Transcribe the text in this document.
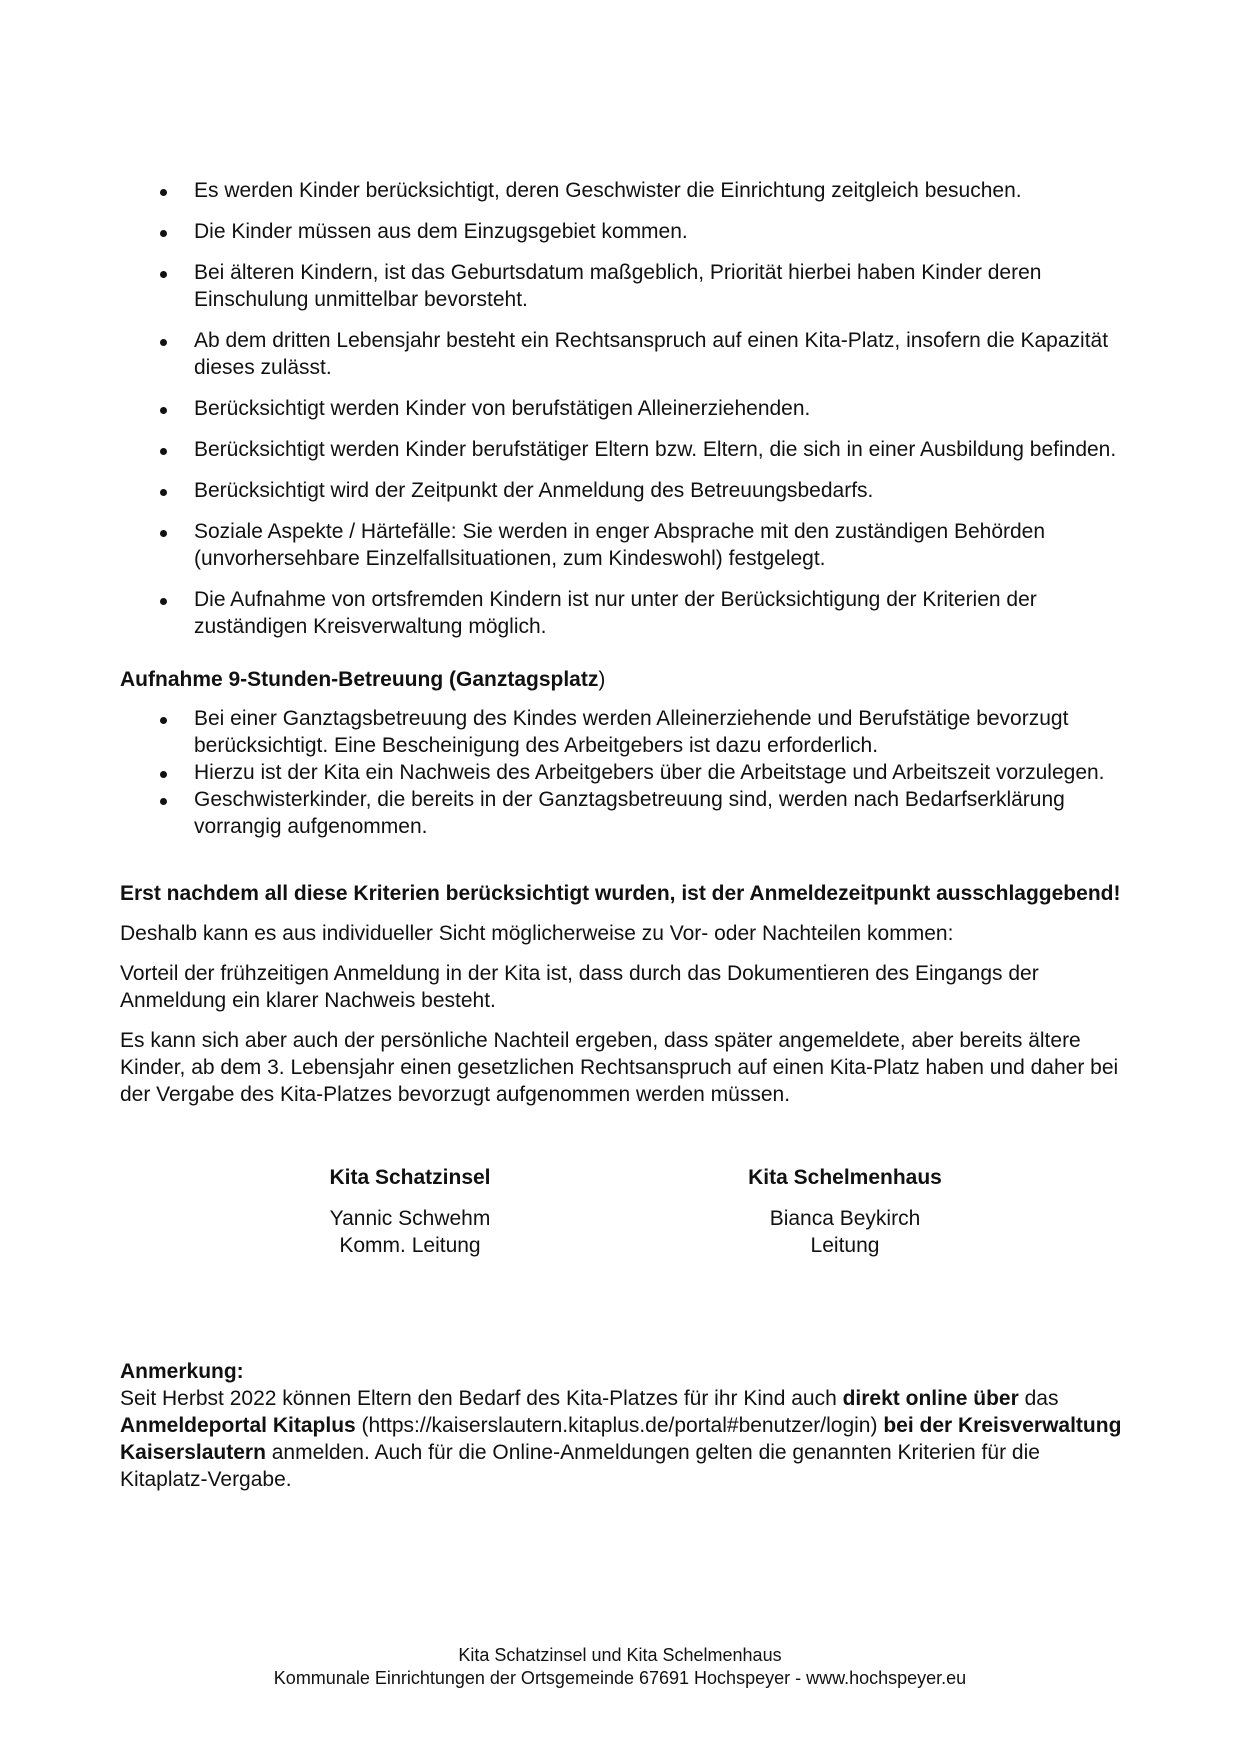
Es werden Kinder berücksichtigt, deren Geschwister die Einrichtung zeitgleich besuchen.
Die Kinder müssen aus dem Einzugsgebiet kommen.
Bei älteren Kindern, ist das Geburtsdatum maßgeblich, Priorität hierbei haben Kinder deren Einschulung unmittelbar bevorsteht.
Ab dem dritten Lebensjahr besteht ein Rechtsanspruch auf einen Kita-Platz, insofern die Kapazität dieses zulässt.
Berücksichtigt werden Kinder von berufstätigen Alleinerziehenden.
Berücksichtigt werden Kinder berufstätiger Eltern bzw. Eltern, die sich in einer Ausbildung befinden.
Berücksichtigt wird der Zeitpunkt der Anmeldung des Betreuungsbedarfs.
Soziale Aspekte / Härtefälle: Sie werden in enger Absprache mit den zuständigen Behörden (unvorhersehbare Einzelfallsituationen, zum Kindeswohl) festgelegt.
Die Aufnahme von ortsfremden Kindern ist nur unter der Berücksichtigung der Kriterien der zuständigen Kreisverwaltung möglich.
Aufnahme 9-Stunden-Betreuung (Ganztagsplatz)
Bei einer Ganztagsbetreuung des Kindes werden Alleinerziehende und Berufstätige bevorzugt berücksichtigt. Eine Bescheinigung des Arbeitgebers ist dazu erforderlich.
Hierzu ist der Kita ein Nachweis des Arbeitgebers über die Arbeitstage und Arbeitszeit vorzulegen.
Geschwisterkinder, die bereits in der Ganztagsbetreuung sind, werden nach Bedarfserklärung vorrangig aufgenommen.
Erst nachdem all diese Kriterien berücksichtigt wurden, ist der Anmeldezeitpunkt ausschlaggebend!

Deshalb kann es aus individueller Sicht möglicherweise zu Vor- oder Nachteilen kommen:

Vorteil der frühzeitigen Anmeldung in der Kita ist, dass durch das Dokumentieren des Eingangs der Anmeldung ein klarer Nachweis besteht.

Es kann sich aber auch der persönliche Nachteil ergeben, dass später angemeldete, aber bereits ältere Kinder, ab dem 3. Lebensjahr einen gesetzlichen Rechtsanspruch auf einen Kita-Platz haben und daher bei der Vergabe des Kita-Platzes bevorzugt aufgenommen werden müssen.

Kita Schatzinsel
Yannic Schwehm
Komm. Leitung
Kita Schelmenhaus
Bianca Beykirch
Leitung
Anmerkung:
Seit Herbst 2022 können Eltern den Bedarf des Kita-Platzes für ihr Kind auch direkt online über das Anmeldeportal Kitaplus (https://kaiserslautern.kitaplus.de/portal#benutzer/login) bei der Kreisverwaltung Kaiserslautern anmelden. Auch für die Online-Anmeldungen gelten die genannten Kriterien für die Kitaplatz-Vergabe.
Kita Schatzinsel und Kita Schelmenhaus
Kommunale Einrichtungen der Ortsgemeinde 67691 Hochspeyer - www.hochspeyer.eu
